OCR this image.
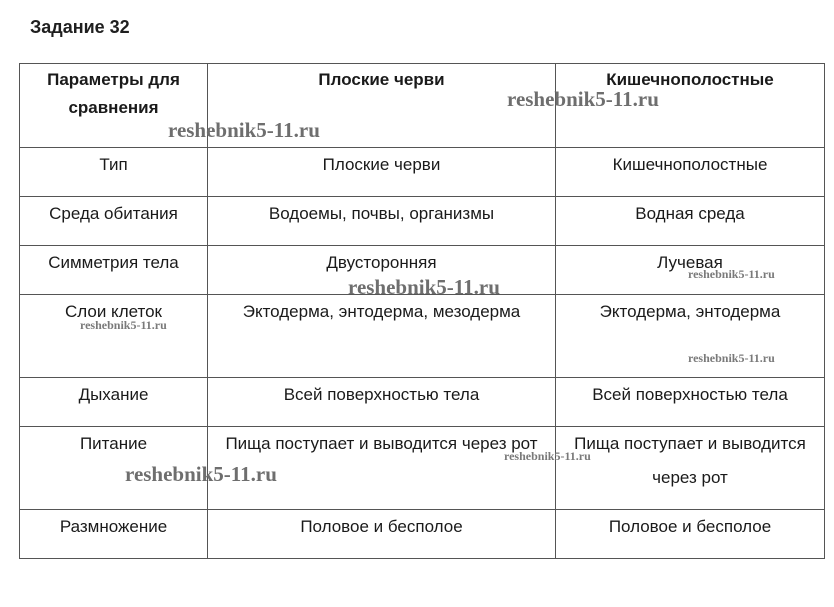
Задание 32
Параметры для сравнения	Плоские черви	Кишечнополостные
Тип	Плоские черви	Кишечнополостные
Среда обитания	Водоемы, почвы, организмы	Водная среда
Симметрия тела	Двусторонняя	Лучевая
Слои клеток	Эктодерма, энтодерма, мезодерма	Эктодерма, энтодерма
Дыхание	Всей поверхностью тела	Всей поверхностью тела
Питание	Пища поступает и выводится через рот	Пища поступает и выводится через рот
Размножение	Половое и бесполое	Половое и бесполое
reshebnik5-11.ru
reshebnik5-11.ru
reshebnik5-11.ru
reshebnik5-11.ru
reshebnik5-11.ru
reshebnik5-11.ru
reshebnik5-11.ru
reshebnik5-11.ru
